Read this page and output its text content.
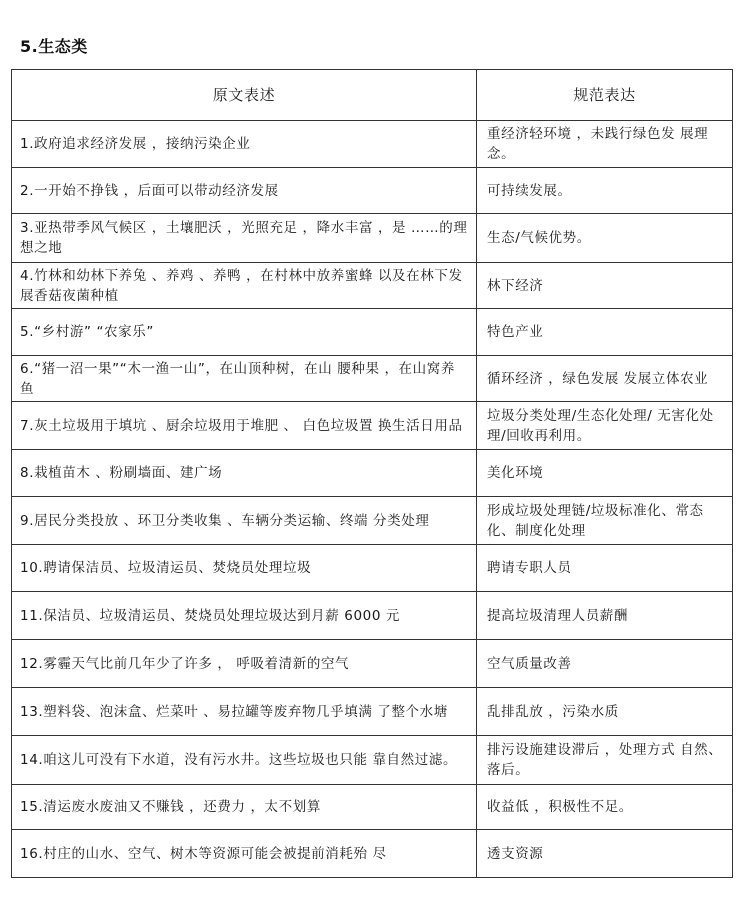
5.生态类
原文表述	规范表达
1.政府追求经济发展 ，接纳污染企业	重经济轻环境 ，未践行绿色发 展理念。
2.一开始不挣钱 ，后面可以带动经济发展	可持续发展。
3.亚热带季风气候区 ，土壤肥沃 ，光照充足 ，降水丰富 ，是 ……的理想之地	生态/气候优势。
4.竹林和幼林下养兔 、养鸡 、养鸭 ，在村林中放养蜜蜂 以及在林下发展香菇夜菌种植	林下经济
5.“乡村游” “农家乐”	特色产业
6.“猪一沼一果”“木一渔一山”，在山顶种树，在山 腰种果 ，在山窝养鱼	循环经济 ，绿色发展 发展立体农业
7.灰土垃圾用于填坑 、厨余垃圾用于堆肥 、 白色垃圾置 换生活日用品	垃圾分类处理/生态化处理/ 无害化处理/回收再利用。
8.栽植苗木 、粉刷墙面、建广场	美化环境
9.居民分类投放 、环卫分类收集 、车辆分类运输、终端 分类处理	形成垃圾处理链/垃圾标准化、常态化、制度化处理
10.聘请保洁员、垃圾清运员、焚烧员处理垃圾	聘请专职人员
11.保洁员、垃圾清运员、焚烧员处理垃圾达到月薪 6000 元	提高垃圾清理人员薪酬
12.雾霾天气比前几年少了许多 ， 呼吸着清新的空气	空气质量改善
13.塑料袋、泡沫盒、烂菜叶 、易拉罐等废弃物几乎填满 了整个水塘	乱排乱放 ，污染水质
14.咱这儿可没有下水道，没有污水井。这些垃圾也只能 靠自然过滤。	排污设施建设滞后 ，处理方式 自然、落后。
15.清运废水废油又不赚钱 ，还费力 ，太不划算	收益低 ，积极性不足。
16.村庄的山水、空气、树木等资源可能会被提前消耗殆 尽	透支资源
